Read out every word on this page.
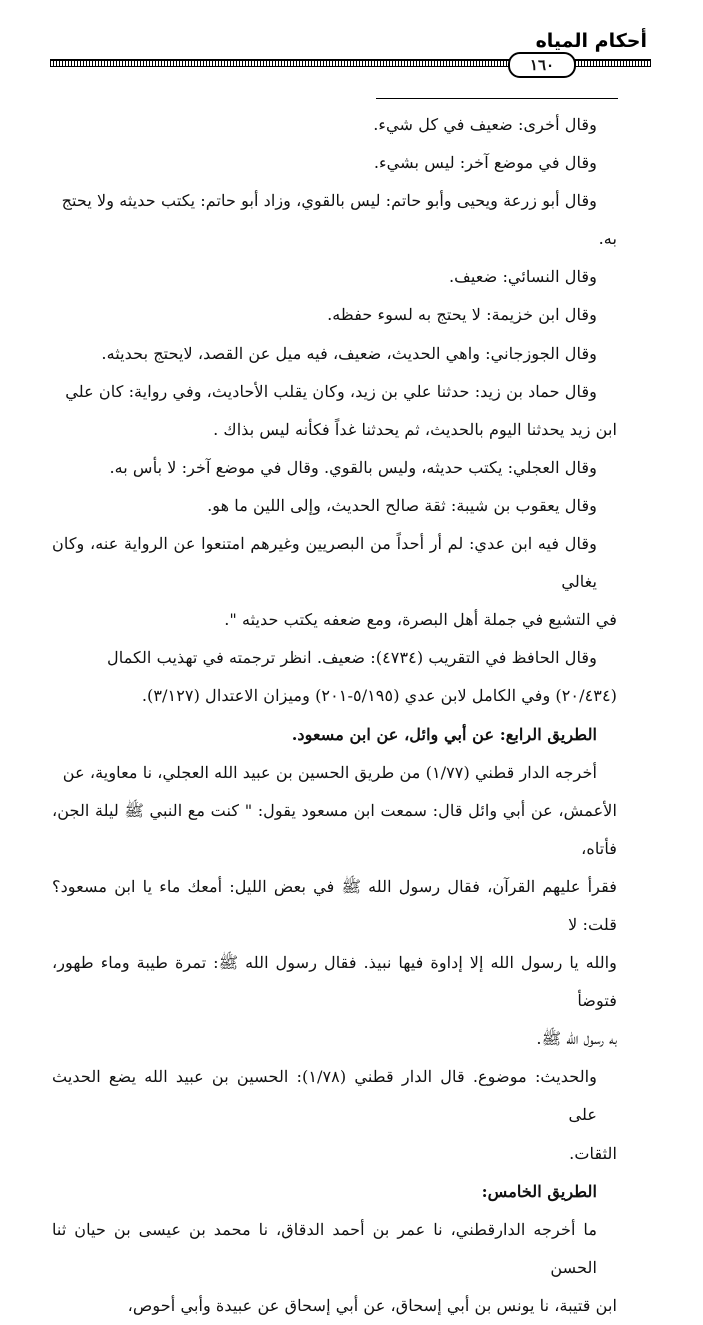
أحكام المياه
١٦٠

وقال أخرى: ضعيف في كل شيء.

وقال في موضع آخر: ليس بشيء.

وقال أبو زرعة ويحيى وأبو حاتم: ليس بالقوي، وزاد أبو حاتم: يكتب حديثه ولا يحتج

به.

وقال النسائي: ضعيف.

وقال ابن خزيمة: لا يحتج به لسوء حفظه.

وقال الجوزجاني: واهي الحديث، ضعيف، فيه ميل عن القصد، لايحتج بحديثه.

وقال حماد بن زيد: حدثنا علي بن زيد، وكان يقلب الأحاديث، وفي رواية: كان علي

ابن زيد يحدثنا اليوم بالحديث، ثم يحدثنا غداً فكأنه ليس بذاك .

وقال العجلي: يكتب حديثه، وليس بالقوي. وقال في موضع آخر: لا بأس به.

وقال يعقوب بن شيبة: ثقة صالح الحديث، وإلى اللين ما هو.

وقال فيه ابن عدي: لم أر أحداً من البصريين وغيرهم امتنعوا عن الرواية عنه، وكان يغالي

في التشيع في جملة أهل البصرة، ومع ضعفه يكتب حديثه ".

وقال الحافظ في التقريب (٤٧٣٤): ضعيف. انظر ترجمته في تهذيب الكمال

(٢٠/٤٣٤) وفي الكامل لابن عدي (٥/١٩٥-٢٠١) وميزان الاعتدال (٣/١٢٧).

الطريق الرابع: عن أبي وائل، عن ابن مسعود.

أخرجه الدار قطني (١/٧٧) من طريق الحسين بن عبيد الله العجلي، نا معاوية، عن

الأعمش، عن أبي وائل قال: سمعت ابن مسعود يقول: " كنت مع النبي ﷺ ليلة الجن، فأتاه،

فقرأ عليهم القرآن، فقال رسول الله ﷺ في بعض الليل: أمعك ماء يا ابن مسعود؟ قلت: لا

والله يا رسول الله إلا إداوة فيها نبيذ. فقال رسول الله ﷺ: تمرة طيبة وماء طهور، فتوضأ

به رسول الله ﷺ.

والحديث: موضوع. قال الدار قطني (١/٧٨): الحسين بن عبيد الله يضع الحديث على

الثقات.

الطريق الخامس:

ما أخرجه الدارقطني، نا عمر بن أحمد الدقاق، نا محمد بن عيسى بن حيان ثنا الحسن

ابن قتيبة، نا يونس بن أبي إسحاق، عن أبي إسحاق عن عبيدة وأبي أحوص،
